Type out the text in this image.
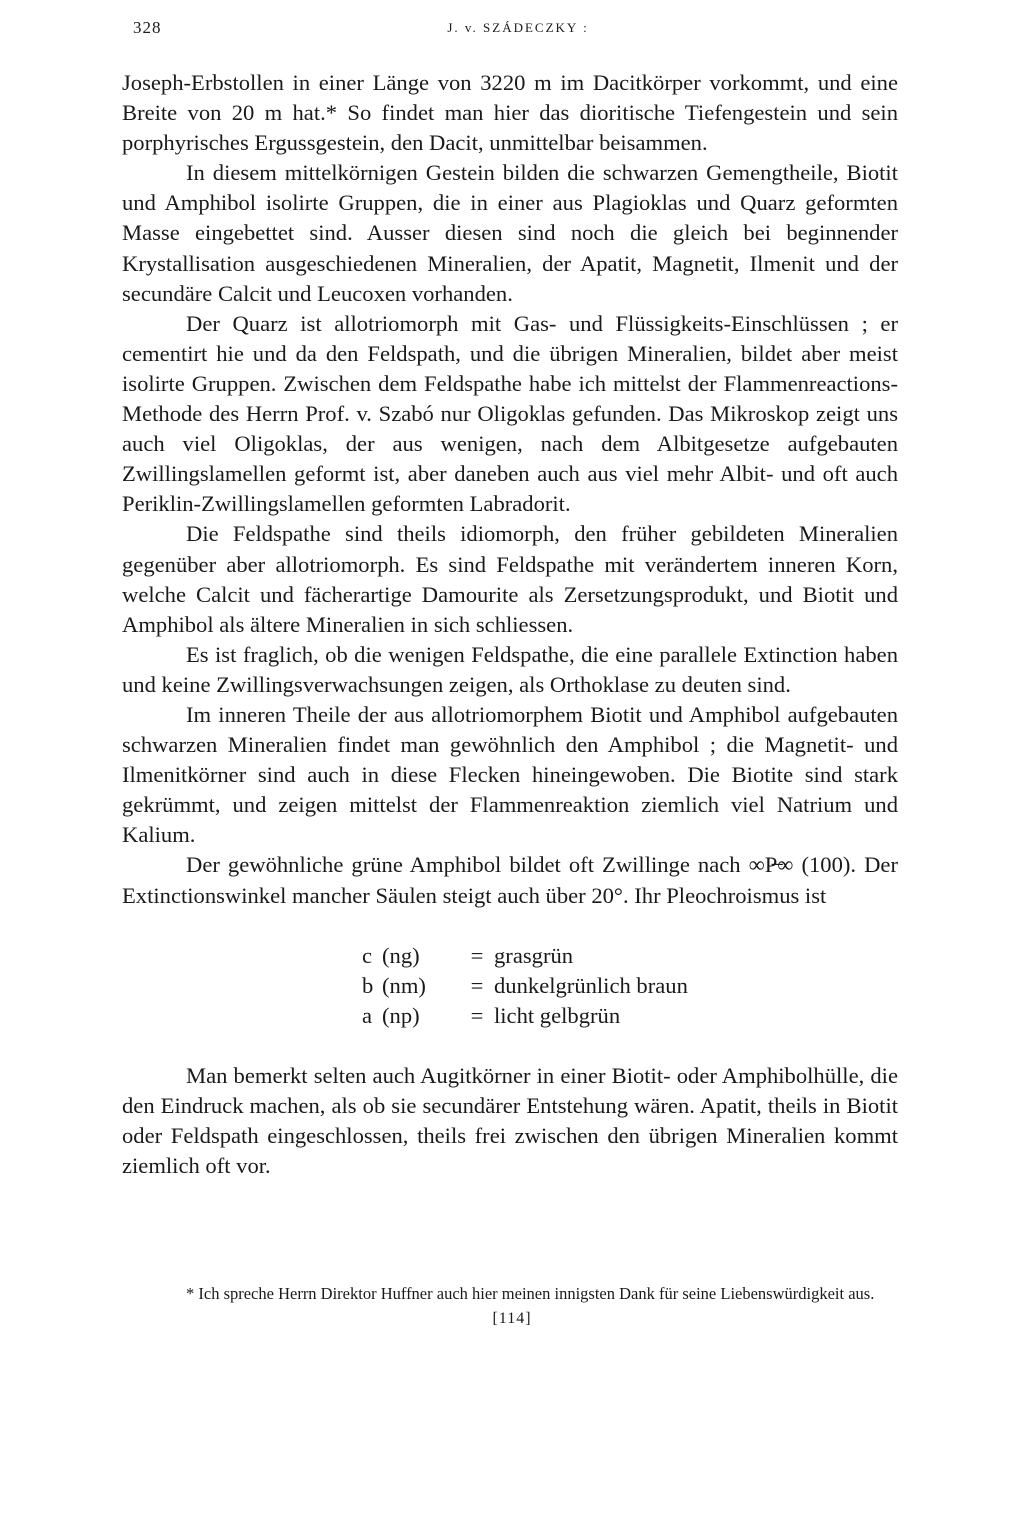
328	J. v. SZÁDECZKY :

Joseph-Erbstollen in einer Länge von 3220 m im Dacitkörper vorkommt, und eine Breite von 20 m hat.* So findet man hier das dioritische Tiefengestein und sein porphyrisches Ergussgestein, den Dacit, unmittelbar beisammen.

In diesem mittelkörnigen Gestein bilden die schwarzen Gemengtheile, Biotit und Amphibol isolirte Gruppen, die in einer aus Plagioklas und Quarz geformten Masse eingebettet sind. Ausser diesen sind noch die gleich bei beginnender Krystallisation ausgeschiedenen Mineralien, der Apatit, Magnetit, Ilmenit und der secundäre Calcit und Leucoxen vorhanden.

Der Quarz ist allotriomorph mit Gas- und Flüssigkeits-Einschlüssen ; er cementirt hie und da den Feldspath, und die übrigen Mineralien, bildet aber meist isolirte Gruppen. Zwischen dem Feldspathe habe ich mittelst der Flammenreactions-Methode des Herrn Prof. v. Szabó nur Oligoklas gefunden. Das Mikroskop zeigt uns auch viel Oligoklas, der aus wenigen, nach dem Albitgesetze aufgebauten Zwillingslamellen geformt ist, aber daneben auch aus viel mehr Albit- und oft auch Periklin-Zwillingslamellen geformten Labradorit.

Die Feldspathe sind theils idiomorph, den früher gebildeten Mineralien gegenüber aber allotriomorph. Es sind Feldspathe mit verändertem inneren Korn, welche Calcit und fächerartige Damourite als Zersetzungsprodukt, und Biotit und Amphibol als ältere Mineralien in sich schliessen.

Es ist fraglich, ob die wenigen Feldspathe, die eine parallele Extinction haben und keine Zwillingsverwachsungen zeigen, als Orthoklase zu deuten sind.

Im inneren Theile der aus allotriomorphem Biotit und Amphibol aufgebauten schwarzen Mineralien findet man gewöhnlich den Amphibol ; die Magnetit- und Ilmenitkörner sind auch in diese Flecken hineingewoben. Die Biotite sind stark gekrümmt, und zeigen mittelst der Flammenreaktion ziemlich viel Natrium und Kalium.

Der gewöhnliche grüne Amphibol bildet oft Zwillinge nach ∞P̶∞ (100). Der Extinctionswinkel mancher Säulen steigt auch über 20°. Ihr Pleochroismus ist

c	(ng)	=	grasgrün
b	(nm)	=	dunkelgrünlich braun
a	(np)	=	licht gelbgrün

Man bemerkt selten auch Augitkörner in einer Biotit- oder Amphibolhülle, die den Eindruck machen, als ob sie secundärer Entstehung wären. Apatit, theils in Biotit oder Feldspath eingeschlossen, theils frei zwischen den übrigen Mineralien kommt ziemlich oft vor.

* Ich spreche Herrn Direktor Huffner auch hier meinen innigsten Dank für seine Liebenswürdigkeit aus.

[114]
